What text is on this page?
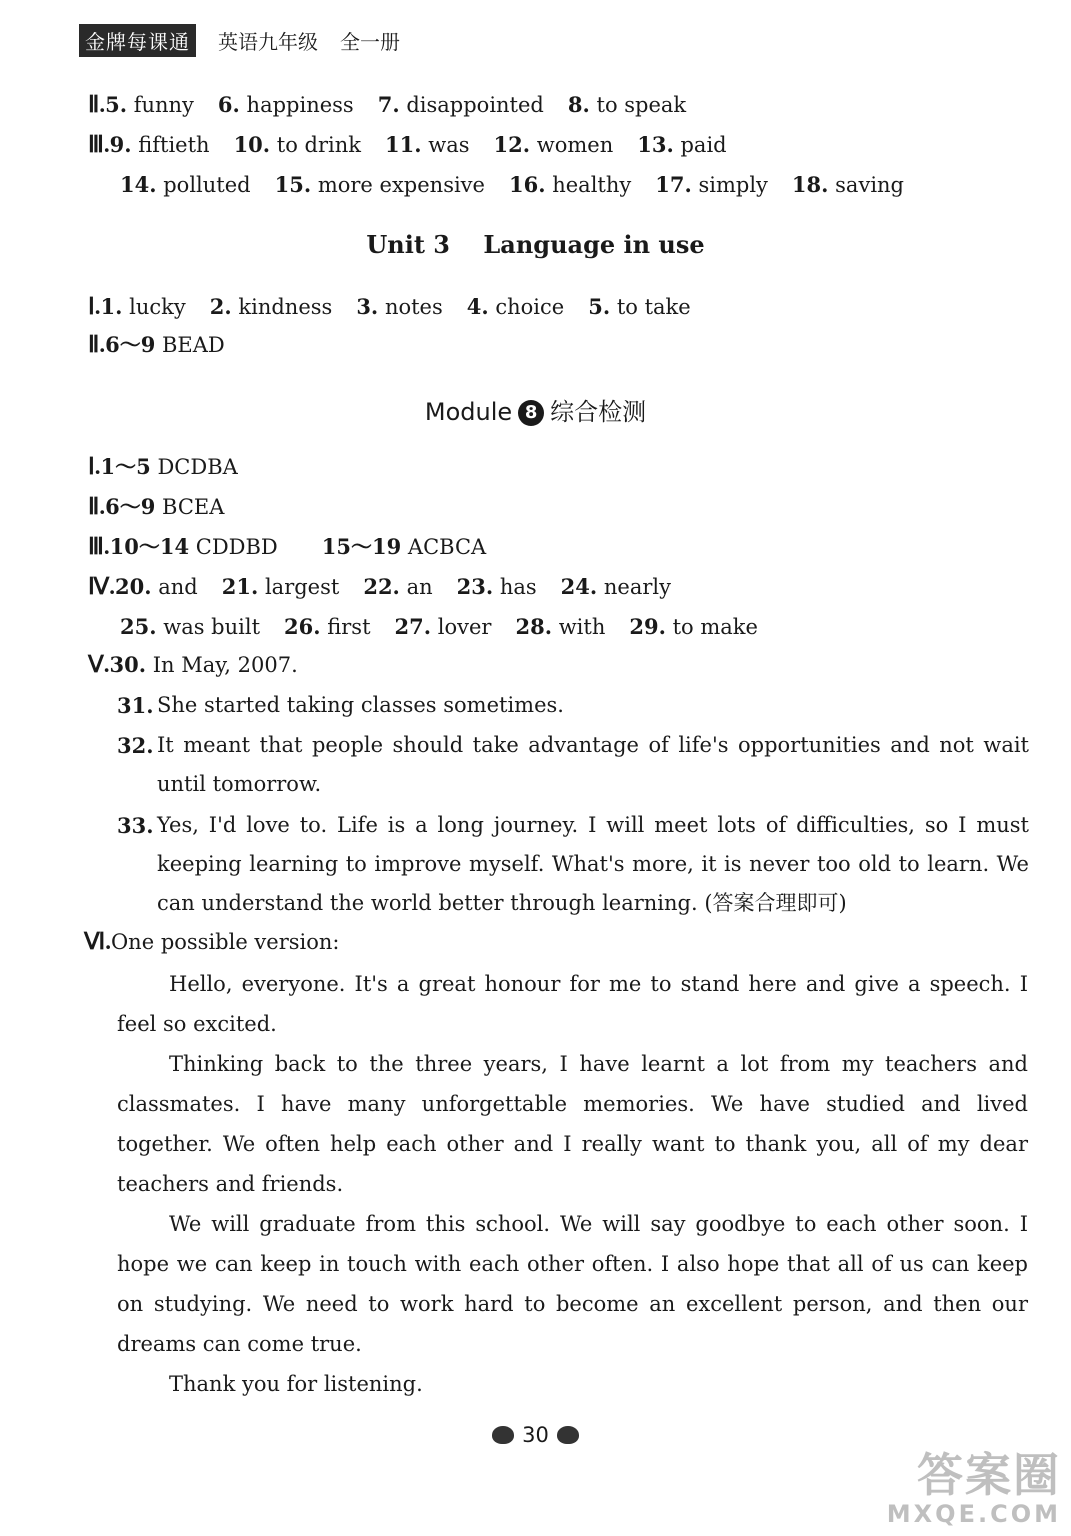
金牌每课通	英语九年级 全一册
Ⅱ.5. funny 6. happiness 7. disappointed 8. to speak
Ⅲ.9. fiftieth 10. to drink 11. was 12. women 13. paid
14. polluted 15. more expensive 16. healthy 17. simply 18. saving
Unit 3    Language in use
Ⅰ.1. lucky 2. kindness 3. notes 4. choice 5. to take
Ⅱ.6～9 BEAD
Module 8 综合检测
Ⅰ.1～5 DCDBA
Ⅱ.6～9 BCEA
Ⅲ.10～14 CDDBD 15～19 ACBCA
Ⅳ.20. and 21. largest 22. an 23. has 24. nearly
25. was built 26. first 27. lover 28. with 29. to make
Ⅴ.30. In May, 2007.
31. She started taking classes sometimes.
32. It meant that people should take advantage of life's opportunities and not wait until tomorrow.
33. Yes, I'd love to. Life is a long journey. I will meet lots of difficulties, so I must keeping learning to improve myself. What's more, it is never too old to learn. We can understand the world better through learning. (答案合理即可)
Ⅵ.One possible version:

Hello, everyone. It's a great honour for me to stand here and give a speech. I feel so excited.

Thinking back to the three years, I have learnt a lot from my teachers and classmates. I have many unforgettable memories. We have studied and lived together. We often help each other and I really want to thank you, all of my dear teachers and friends.

We will graduate from this school. We will say goodbye to each other soon. I hope we can keep in touch with each other often. I also hope that all of us can keep on studying. We need to work hard to become an excellent person, and then our dreams can come true.

Thank you for listening.

30
答案圈
MXQE.COM
